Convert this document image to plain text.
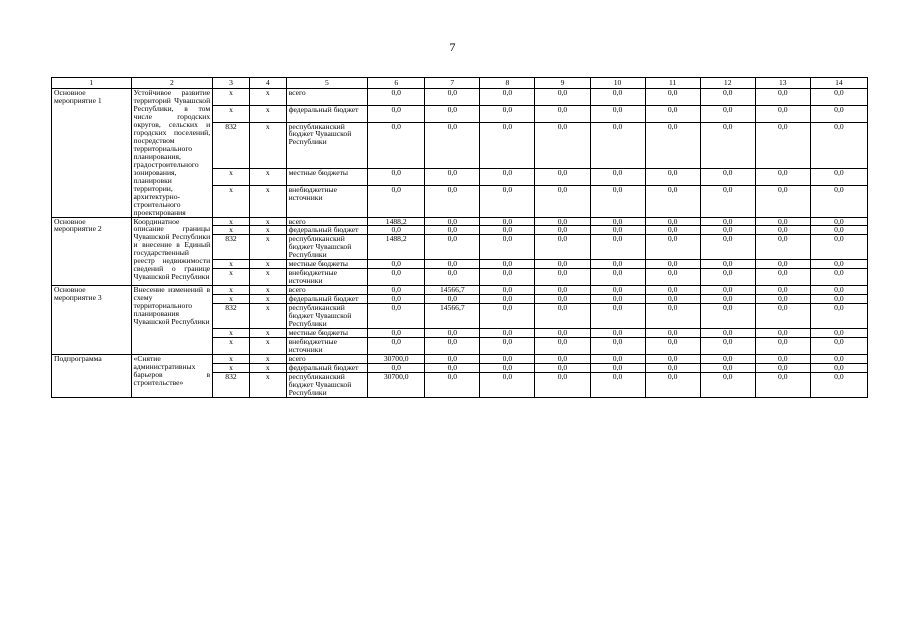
7
1	2	3	4	5	6	7	8	9	10	11	12	13	14
Основное мероприятие 1	Устойчивое развитие территорий Чувашской Республики, в том числе городских округов, сельских и городских поселений, посредством территориального планирования, градостроительного зонирования, планировки территории, архитектурно-строительного проектирования	х	х	всего	0,0	0,0	0,0	0,0	0,0	0,0	0,0	0,0	0,0
		х	х	федеральный бюджет	0,0	0,0	0,0	0,0	0,0	0,0	0,0	0,0	0,0
		832	х	республиканский бюджет Чувашской Республики	0,0	0,0	0,0	0,0	0,0	0,0	0,0	0,0	0,0
		х	х	местные бюджеты	0,0	0,0	0,0	0,0	0,0	0,0	0,0	0,0	0,0
		х	х	внебюджетные источники	0,0	0,0	0,0	0,0	0,0	0,0	0,0	0,0	0,0
Основное мероприятие 2	Координатное описание границы Чувашской Республики и внесение в Единый государственный реестр недвижимости сведений о границе Чувашской Республики	х	х	всего	1488,2	0,0	0,0	0,0	0,0	0,0	0,0	0,0	0,0
		х	х	федеральный бюджет	0,0	0,0	0,0	0,0	0,0	0,0	0,0	0,0	0,0
		832	х	республиканский бюджет Чувашской Республики	1488,2	0,0	0,0	0,0	0,0	0,0	0,0	0,0	0,0
		х	х	местные бюджеты	0,0	0,0	0,0	0,0	0,0	0,0	0,0	0,0	0,0
		х	х	внебюджетные источники	0,0	0,0	0,0	0,0	0,0	0,0	0,0	0,0	0,0
Основное мероприятие 3	Внесение изменений в схему территориального планирования Чувашской Республики	х	х	всего	0,0	14566,7	0,0	0,0	0,0	0,0	0,0	0,0	0,0
		х	х	федеральный бюджет	0,0	0,0	0,0	0,0	0,0	0,0	0,0	0,0	0,0
		832	х	республиканский бюджет Чувашской Республики	0,0	14566,7	0,0	0,0	0,0	0,0	0,0	0,0	0,0
		х	х	местные бюджеты	0,0	0,0	0,0	0,0	0,0	0,0	0,0	0,0	0,0
		х	х	внебюджетные источники	0,0	0,0	0,0	0,0	0,0	0,0	0,0	0,0	0,0
Подпрограмма	«Снятие административных барьеров в строительстве»	х	х	всего	30700,0	0,0	0,0	0,0	0,0	0,0	0,0	0,0	0,0
		х	х	федеральный бюджет	0,0	0,0	0,0	0,0	0,0	0,0	0,0	0,0	0,0
		832	х	республиканский бюджет Чувашской Республики	30700,0	0,0	0,0	0,0	0,0	0,0	0,0	0,0	0,0
